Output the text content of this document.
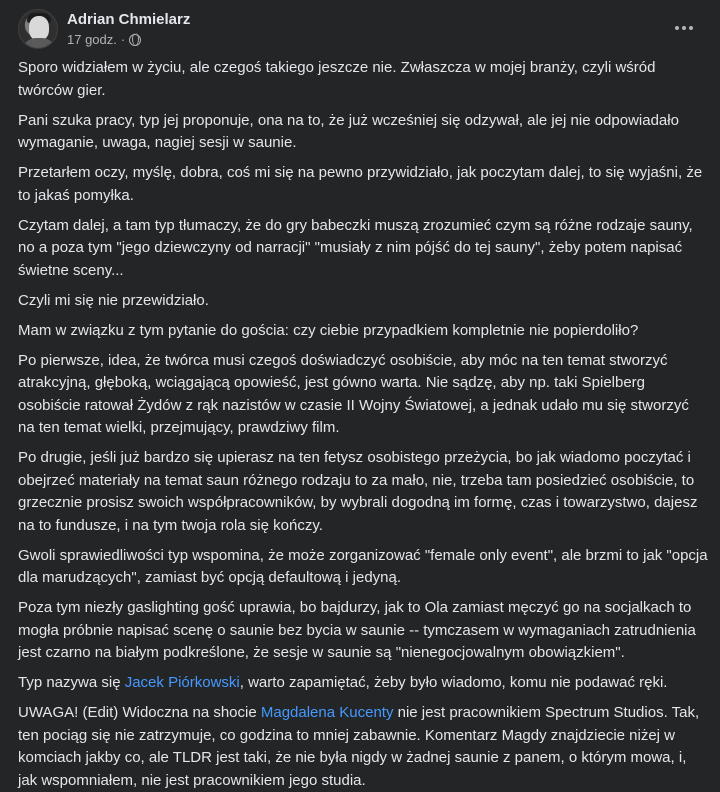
Adrian Chmielarz
17 godz. ·

Sporo widziałem w życiu, ale czegoś takiego jeszcze nie. Zwłaszcza w mojej branży, czyli wśród twórców gier.

Pani szuka pracy, typ jej proponuje, ona na to, że już wcześniej się odzywał, ale jej nie odpowiadało wymaganie, uwaga, nagiej sesji w saunie.

Przetarłem oczy, myślę, dobra, coś mi się na pewno przywidziało, jak poczytam dalej, to się wyjaśni, że to jakaś pomyłka.

Czytam dalej, a tam typ tłumaczy, że do gry babeczki muszą zrozumieć czym są różne rodzaje sauny, no a poza tym "jego dziewczyny od narracji" "musiały z nim pójść do tej sauny", żeby potem napisać świetne sceny...

Czyli mi się nie przewidziało.

Mam w związku z tym pytanie do gościa: czy ciebie przypadkiem kompletnie nie popierdoliło?

Po pierwsze, idea, że twórca musi czegoś doświadczyć osobiście, aby móc na ten temat stworzyć atrakcyjną, głęboką, wciągającą opowieść, jest gówno warta. Nie sądzę, aby np. taki Spielberg osobiście ratował Żydów z rąk nazistów w czasie II Wojny Światowej, a jednak udało mu się stworzyć na ten temat wielki, przejmujący, prawdziwy film.

Po drugie, jeśli już bardzo się upierasz na ten fetysz osobistego przeżycia, bo jak wiadomo poczytać i obejrzeć materiały na temat saun różnego rodzaju to za mało, nie, trzeba tam posiedzieć osobiście, to grzecznie prosisz swoich współpracowników, by wybrali dogodną im formę, czas i towarzystwo, dajesz na to fundusze, i na tym twoja rola się kończy.

Gwoli sprawiedliwości typ wspomina, że może zorganizować "female only event", ale brzmi to jak "opcja dla marudzących", zamiast być opcją defaultową i jedyną.

Poza tym niezły gaslighting gość uprawia, bo bajdurzy, jak to Ola zamiast męczyć go na socjalkach to mogła próbnie napisać scenę o saunie bez bycia w saunie -- tymczasem w wymaganiach zatrudnienia jest czarno na białym podkreślone, że sesje w saunie są "nienegocjowalnym obowiązkiem".

Typ nazywa się Jacek Piórkowski, warto zapamiętać, żeby było wiadomo, komu nie podawać ręki.

UWAGA! (Edit) Widoczna na shocie Magdalena Kucenty nie jest pracownikiem Spectrum Studios. Tak, ten pociąg się nie zatrzymuje, co godzina to mniej zabawnie. Komentarz Magdy znajdziecie niżej w komciach jakby co, ale TLDR jest taki, że nie była nigdy w żadnej saunie z panem, o którym mowa, i, jak wspomniałem, nie jest pracownikiem jego studia.
